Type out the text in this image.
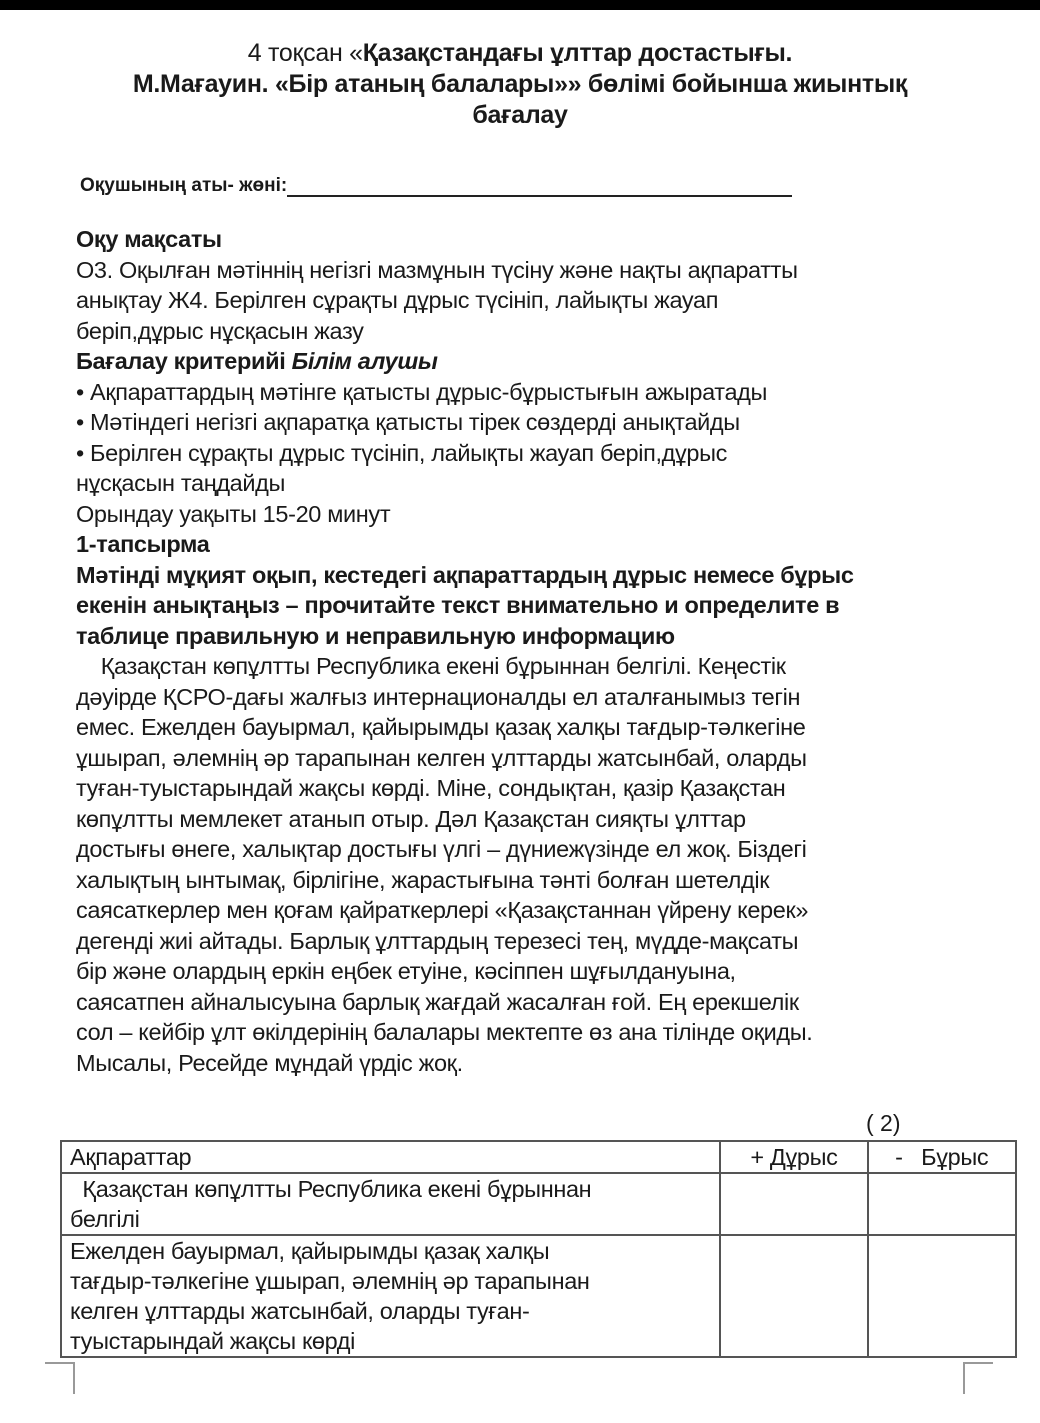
4 тоқсан «Қазақстандағы ұлттар достастығы.
М.Мағауин. «Бір атаның балалары»» бөлімі бойынша жиынтық
бағалау
Оқушының аты- жөні:
Оқу мақсаты
О3. Оқылған мәтіннің негізгі мазмұнын түсіну және нақты ақпаратты
анықтау Ж4. Берілген сұрақты дұрыс түсініп, лайықты жауап
беріп,дұрыс нұсқасын жазу
Бағалау критерийі Білім алушы
• Ақпараттардың мәтінге қатысты дұрыс-бұрыстығын ажыратады
• Мәтіндегі негізгі ақпаратқа қатысты тірек сөздерді анықтайды
• Берілген сұрақты дұрыс түсініп, лайықты жауап беріп,дұрыс
нұсқасын таңдайды
Орындау уақыты 15-20 минут
1-тапсырма
Мәтінді мұқият оқып, кестедегі ақпараттардың дұрыс немесе бұрыс
екенін анықтаңыз – прочитайте текст внимательно и определите в
таблице правильную и неправильную информацию
Қазақстан көпұлтты Республика екені бұрыннан белгілі. Кеңестік
дәуірде ҚСРО-дағы жалғыз интернационалды ел аталғанымыз тегін
емес. Ежелден бауырмал, қайырымды қазақ халқы тағдыр-тәлкегіне
ұшырап, әлемнің әр тарапынан келген ұлттарды жатсынбай, оларды
туған-туыстарындай жақсы көрді. Міне, сондықтан, қазір Қазақстан
көпұлтты мемлекет атанып отыр. Дәл Қазақстан сияқты ұлттар
достығы өнеге, халықтар достығы үлгі – дүниежүзінде ел жоқ. Біздегі
халықтың ынтымақ, бірлігіне, жарастығына тәнті болған шетелдік
саясаткерлер мен қоғам қайраткерлері «Қазақстаннан үйрену керек»
дегенді жиі айтады. Барлық ұлттардың терезесі тең, мүдде-мақсаты
бір және олардың еркін еңбек етуіне, кәсіппен шұғылдануына,
саясатпен айналысуына барлық жағдай жасалған ғой. Ең ерекшелік
сол – кейбір ұлт өкілдерінің балалары мектепте өз ана тілінде оқиды.
Мысалы, Ресейде мұндай үрдіс жоқ.
( 2)
Ақпараттар	+ Дұрыс	-   Бұрыс

Қазақстан көпұлтты Республика екені бұрыннан
белгілі		

Ежелден бауырмал, қайырымды қазақ халқы
тағдыр-тәлкегіне ұшырап, әлемнің әр тарапынан
келген ұлттарды жатсынбай, оларды туған-
туыстарындай жақсы көрді		
